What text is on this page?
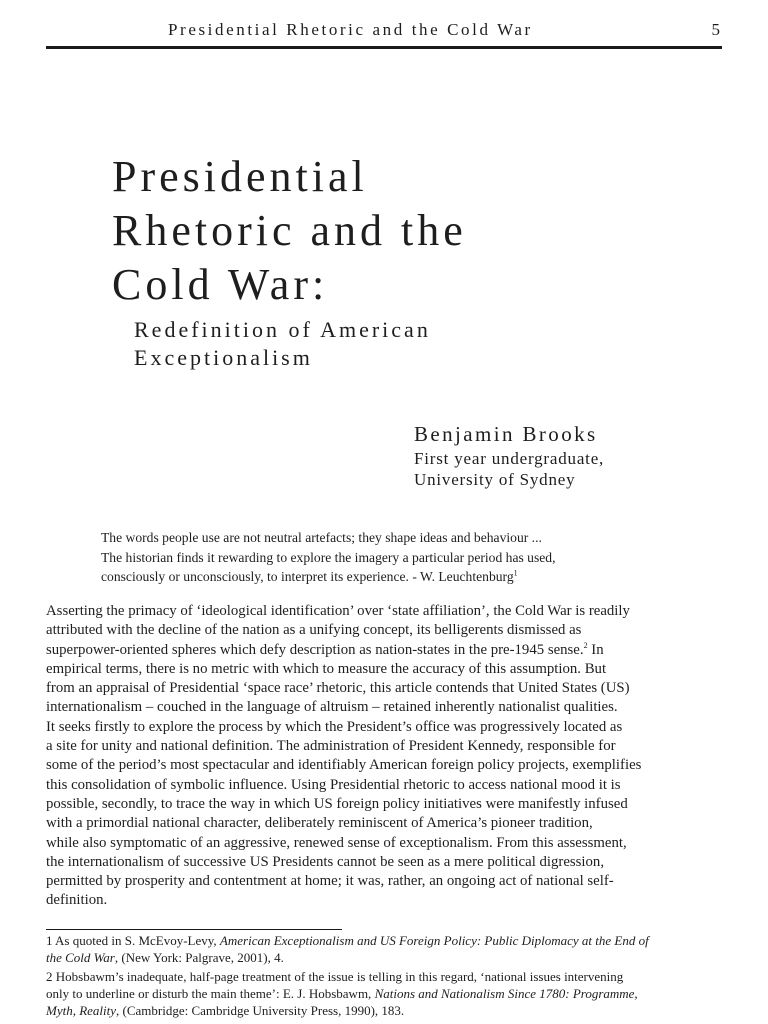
Presidential Rhetoric and the Cold War	5
Presidential
Rhetoric and the
Cold War:
Redefinition of American
Exceptionalism
Benjamin Brooks
First year undergraduate,
University of Sydney
The words people use are not neutral artefacts; they shape ideas and behaviour ...
The historian finds it rewarding to explore the imagery a particular period has used,
consciously or unconsciously, to interpret its experience. - W. Leuchtenburg$^1$
Asserting the primacy of ‘ideological identification’ over ‘state affiliation’, the Cold War is readily
attributed with the decline of the nation as a unifying concept, its belligerents dismissed as
superpower-oriented spheres which defy description as nation-states in the pre-1945 sense.$^2$ In
empirical terms, there is no metric with which to measure the accuracy of this assumption. But
from an appraisal of Presidential ‘space race’ rhetoric, this article contends that United States (US)
internationalism – couched in the language of altruism – retained inherently nationalist qualities.
It seeks firstly to explore the process by which the President’s office was progressively located as
a site for unity and national definition. The administration of President Kennedy, responsible for
some of the period’s most spectacular and identifiably American foreign policy projects, exemplifies
this consolidation of symbolic influence. Using Presidential rhetoric to access national mood it is
possible, secondly, to trace the way in which US foreign policy initiatives were manifestly infused
with a primordial national character, deliberately reminiscent of America’s pioneer tradition,
while also symptomatic of an aggressive, renewed sense of exceptionalism. From this assessment,
the internationalism of successive US Presidents cannot be seen as a mere political digression,
permitted by prosperity and contentment at home; it was, rather, an ongoing act of national self-
definition.
1 As quoted in S. McEvoy-Levy, American Exceptionalism and US Foreign Policy: Public Diplomacy at the End of
the Cold War, (New York: Palgrave, 2001), 4.
2 Hobsbawm’s inadequate, half-page treatment of the issue is telling in this regard, ‘national issues intervening
only to underline or disturb the main theme’: E. J. Hobsbawm, Nations and Nationalism Since 1780: Programme,
Myth, Reality, (Cambridge: Cambridge University Press, 1990), 183.
